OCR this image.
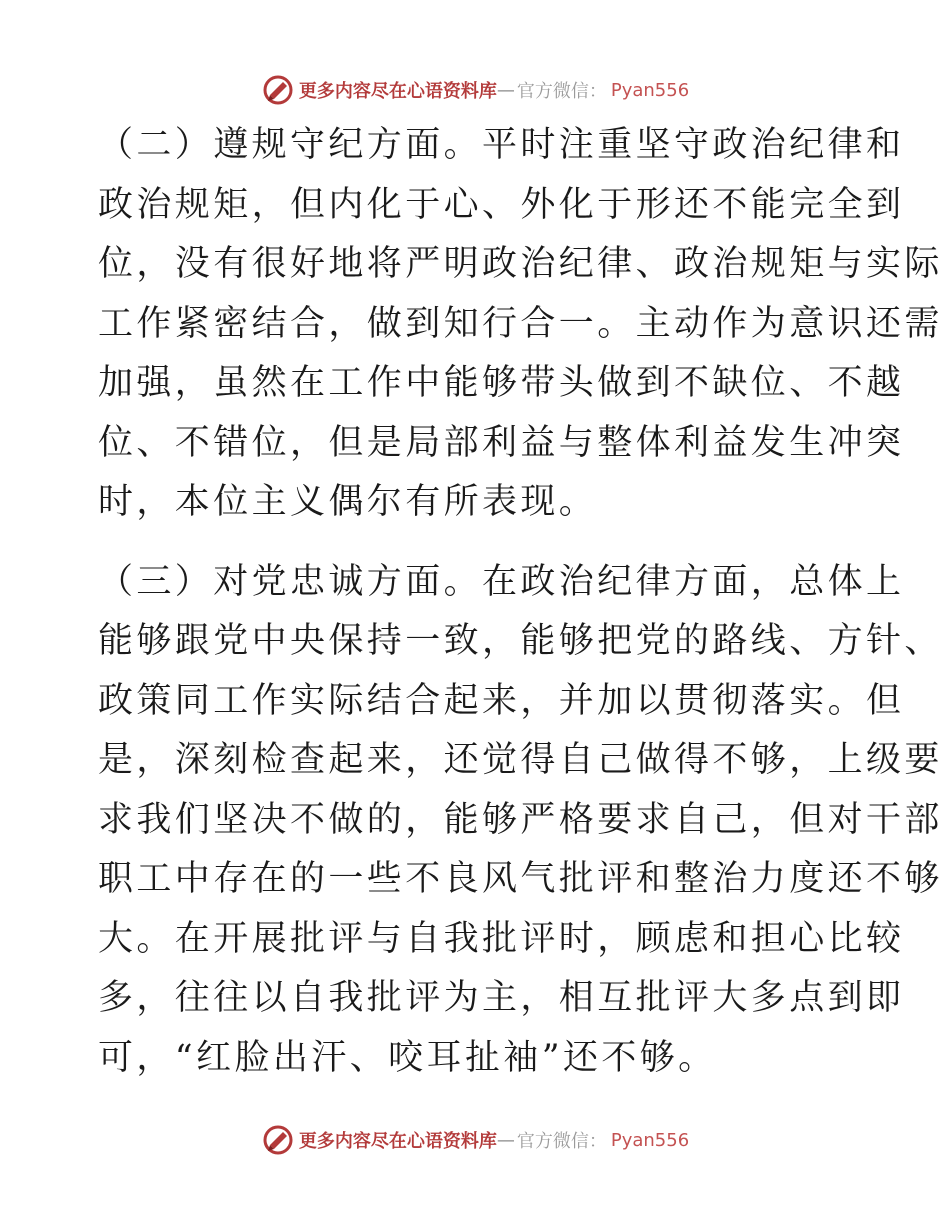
更多内容尽在心语资料库 — 官方微信： Pyan556

（二）遵规守纪方面。平时注重坚守政治纪律和
政治规矩，但内化于心、外化于形还不能完全到
位，没有很好地将严明政治纪律、政治规矩与实际
工作紧密结合，做到知行合一。主动作为意识还需
加强，虽然在工作中能够带头做到不缺位、不越
位、不错位，但是局部利益与整体利益发生冲突
时，本位主义偶尔有所表现。

（三）对党忠诚方面。在政治纪律方面，总体上
能够跟党中央保持一致，能够把党的路线、方针、
政策同工作实际结合起来，并加以贯彻落实。但
是，深刻检查起来，还觉得自己做得不够，上级要
求我们坚决不做的，能够严格要求自己，但对干部
职工中存在的一些不良风气批评和整治力度还不够
大。在开展批评与自我批评时，顾虑和担心比较
多，往往以自我批评为主，相互批评大多点到即
可，“红脸出汗、咬耳扯袖”还不够。

更多内容尽在心语资料库 — 官方微信： Pyan556
